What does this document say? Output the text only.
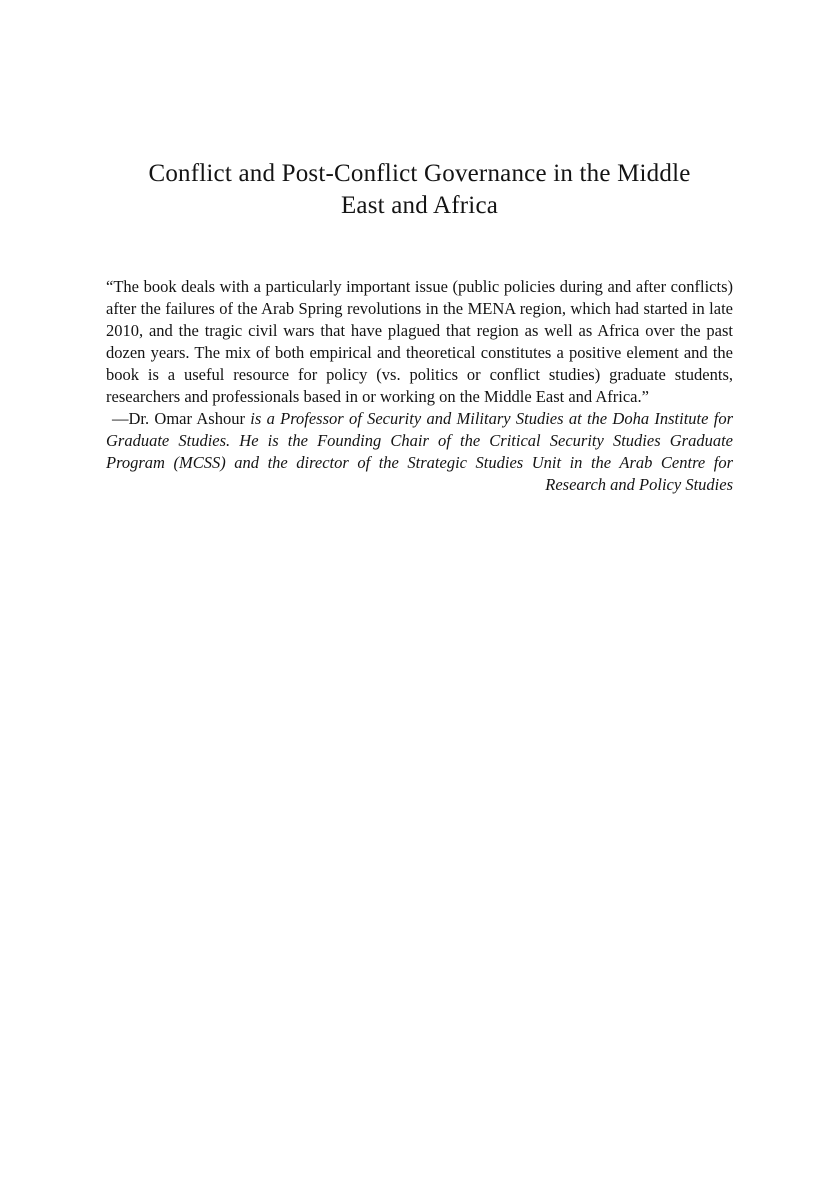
Conflict and Post-Conflict Governance in the Middle
East and Africa

“The book deals with a particularly important issue (public policies during and after conflicts) after the failures of the Arab Spring revolutions in the MENA region, which had started in late 2010, and the tragic civil wars that have plagued that region as well as Africa over the past dozen years. The mix of both empirical and theoretical constitutes a positive element and the book is a useful resource for policy (vs. politics or conflict studies) graduate students, researchers and professionals based in or working on the Middle East and Africa.”

—Dr. Omar Ashour is a Professor of Security and Military Studies at the Doha Institute for Graduate Studies. He is the Founding Chair of the Critical Security Studies Graduate Program (MCSS) and the director of the Strategic Studies Unit in the Arab Centre for Research and Policy Studies
